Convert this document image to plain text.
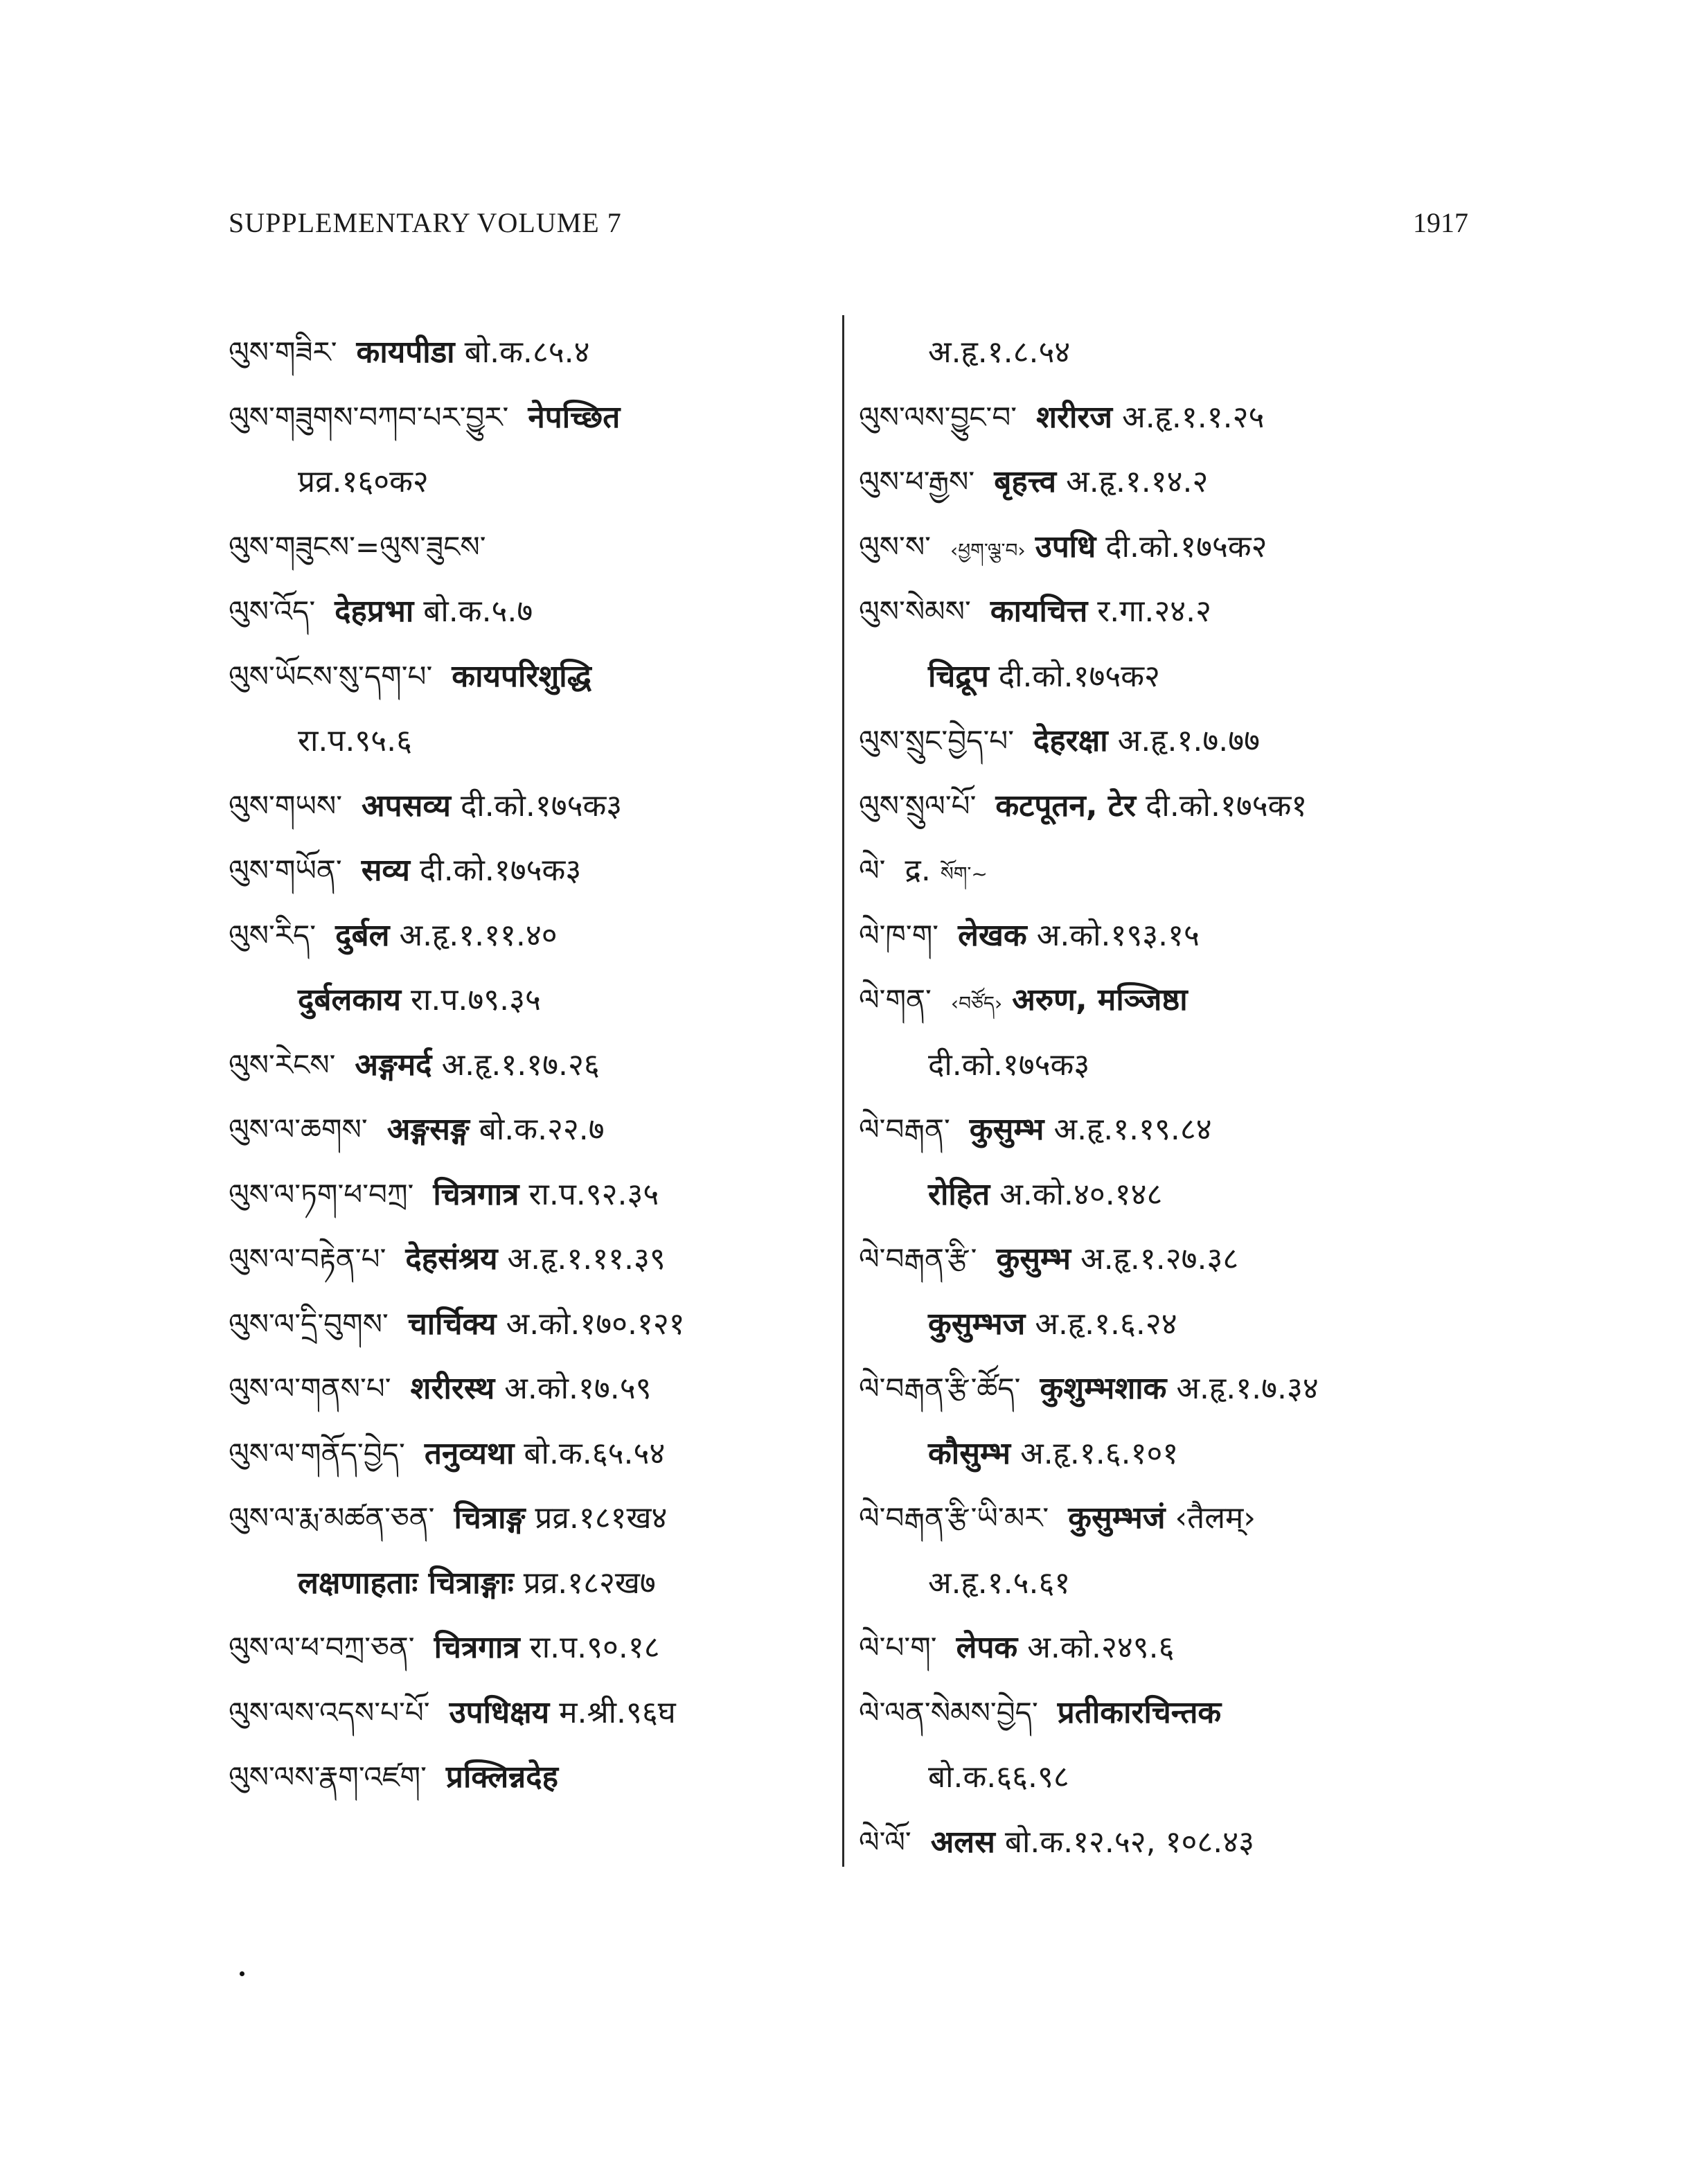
SUPPLEMENTARY VOLUME 7	1917
ལུས་གཟིར་ कायपीडा बो.क.८५.४
ལུས་གཟུགས་བཀབ་པར་བྱུར་ नेपच्छित
प्रव्र.१६०क२
ལུས་གཟུངས་=ལུས་ཟུངས་
ལུས་འོད་ देहप्रभा बो.क.५.७
ལུས་ཡོངས་སུ་དག་པ་ कायपरिशुद्धि
रा.प.९५.६
ལུས་གཡས་ अपसव्य दी.को.१७५क३
ལུས་གཡོན་ सव्य दी.को.१७५क३
ལུས་རིད་ दुर्बल अ.हृ.१.११.४०
दुर्बलकाय रा.प.७९.३५
ལུས་རེངས་ अङ्गमर्द अ.हृ.१.१७.२६
ལུས་ལ་ཆགས་ अङ्गसङ्ग बो.क.२२.७
ལུས་ལ་ཏག་ཕ་བཀྲ་ चित्रगात्र रा.प.९२.३५
ལུས་ལ་བརྟེན་པ་ देहसंश्रय अ.हृ.१.११.३९
ལུས་ལ་དྲི་བུགས་ चार्चिक्य अ.को.१७०.१२१
ལུས་ལ་གནས་པ་ शरीरस्थ अ.को.१७.५९
ལུས་ལ་གནོད་བྱེད་ तनुव्यथा बो.क.६५.५४
ལུས་ལ་རྨ་མཚན་ཅན་ चित्राङ्ग प्रव्र.१८१ख४
लक्षणाहताः चित्राङ्गाः प्रव्र.१८२ख७
ལུས་ལ་ཕ་བཀྲ་ཅན་ चित्रगात्र रा.प.९०.१८
ལུས་ལས་འདས་པ་པོ་ उपधिक्षय म.श्री.९६घ
ལུས་ལས་རྣག་འཛག་ प्रक्लिन्नदेह
अ.हृ.१.८.५४
ལུས་ལས་བྱུང་བ་ शरीरज अ.हृ.१.१.२५
ལུས་ཕ་རྒྱས་ बृहत्त्व अ.हृ.१.१४.२
ལུས་ས་ ‹ཕྱག་ལྕ་བ› उपधि दी.को.१७५क२
ལུས་སེམས་ कायचित्त र.गा.२४.२
चिद्रूप दी.को.१७५क२
ལུས་སྲུང་བྱེད་པ་ देहरक्षा अ.हृ.१.७.७७
ལུས་སྲུལ་པོ་ कटपूतन, टेर दी.को.१७५क१
ལེ་ द्र. སོག་~
ལེ་ཁ་ག་ लेखक अ.को.१९३.१५
ལེ་གན་ ‹བཙོད› अरुण, मञ्जिष्ठा
दी.को.१७५क३
ལེ་བརྒན་ कुसुम्भ अ.हृ.१.१९.८४
रोहित अ.को.४०.१४८
ལེ་བརྒན་རྩི་ कुसुम्भ अ.हृ.१.२७.३८
कुसुम्भज अ.हृ.१.६.२४
ལེ་བརྒན་རྩི་ཚོད་ कुशुम्भशाक अ.हृ.१.७.३४
कौसुम्भ अ.हृ.१.६.१०१
ལེ་བརྒན་རྩི་ཡི་མར་ कुसुम्भजं ‹तैलम्›
अ.हृ.१.५.६१
ལེ་པ་ག་ लेपक अ.को.२४९.६
ལེ་ལན་སེམས་བྱེད་ प्रतीकारचिन्तक
बो.क.६६.९८
ལེ་ལོ་ अलस बो.क.१२.५२, १०८.४३
